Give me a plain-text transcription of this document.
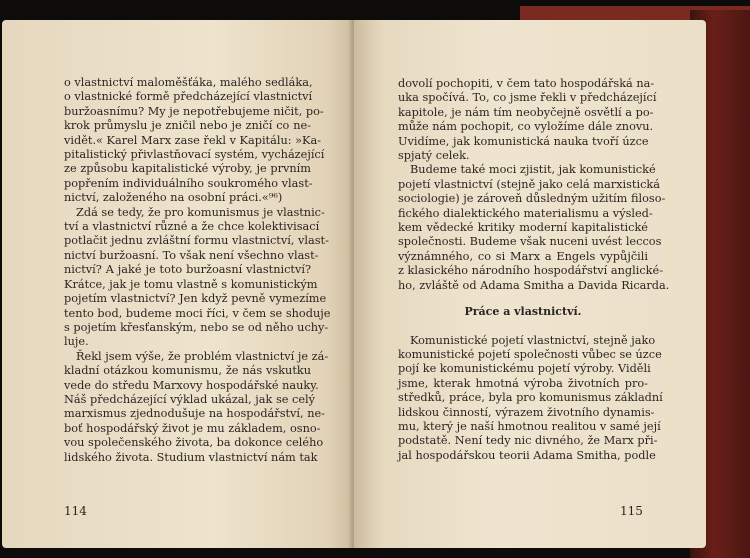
o vlastnictví maloměšťáka, malého sedláka,
o vlastnické formě předcházející vlastnictví
buržoasnímu? My je nepotřebujeme ničit, po-
krok průmyslu je zničil nebo je zničí co ne-
vidět.« Karel Marx zase řekl v Kapitálu: »Ka-
pitalistický přivlastňovací systém, vycházející
ze způsobu kapitalistické výroby, je prvním
popřením individuálního soukromého vlast-
nictví, založeného na osobní práci.«⁹⁶)
Zdá se tedy, že pro komunismus je vlastnic-
tví a vlastnictví různé a že chce kolektivisací
potlačit jednu zvláštní formu vlastnictví, vlast-
nictví buržoasní. To však není všechno vlast-
nictví? A jaké je toto buržoasní vlastnictví?
Krátce, jak je tomu vlastně s komunistickým
pojetím vlastnictví? Jen když pevně vymezíme
tento bod, budeme moci říci, v čem se shoduje
s pojetím křesťanským, nebo se od něho uchy-
luje.
Řekl jsem výše, že problém vlastnictví je zá-
kladní otázkou komunismu, že nás vskutku
vede do středu Marxovy hospodářské nauky.
Náš předcházející výklad ukázal, jak se celý
marxismus zjednodušuje na hospodářství, ne-
boť hospodářský život je mu základem, osno-
vou společenského života, ba dokonce celého
lidského života. Studium vlastnictví nám tak
114
dovolí pochopiti, v čem tato hospodářská na-
uka spočívá. To, co jsme řekli v předcházející
kapitole, je nám tím neobyčejně osvětlí a po-
může nám pochopit, co vyložíme dále znovu.
Uvidíme, jak komunistická nauka tvoří úzce
spjatý celek.
Budeme také moci zjistit, jak komunistické
pojetí vlastnictví (stejně jako celá marxistická
sociologie) je zároveň důsledným užitím filoso-
fického dialektického materialismu a výsled-
kem vědecké kritiky moderní kapitalistické
společnosti. Budeme však nuceni uvést leccos
význámného, co si Marx a Engels vypůjčili
z klasického národního hospodářství anglické-
ho, zvláště od Adama Smitha a Davida Ricarda.
Práce a vlastnictví.
Komunistické pojetí vlastnictví, stejně jako
komunistické pojetí společnosti vůbec se úzce
pojí ke komunistickému pojetí výroby. Viděli
jsme, kterak hmotná výroba životních pro-
středků, práce, byla pro komunismus základní
lidskou činností, výrazem životního dynamis-
mu, který je naší hmotnou realitou v samé její
podstatě. Není tedy nic divného, že Marx při-
jal hospodářskou teorii Adama Smitha, podle
115
